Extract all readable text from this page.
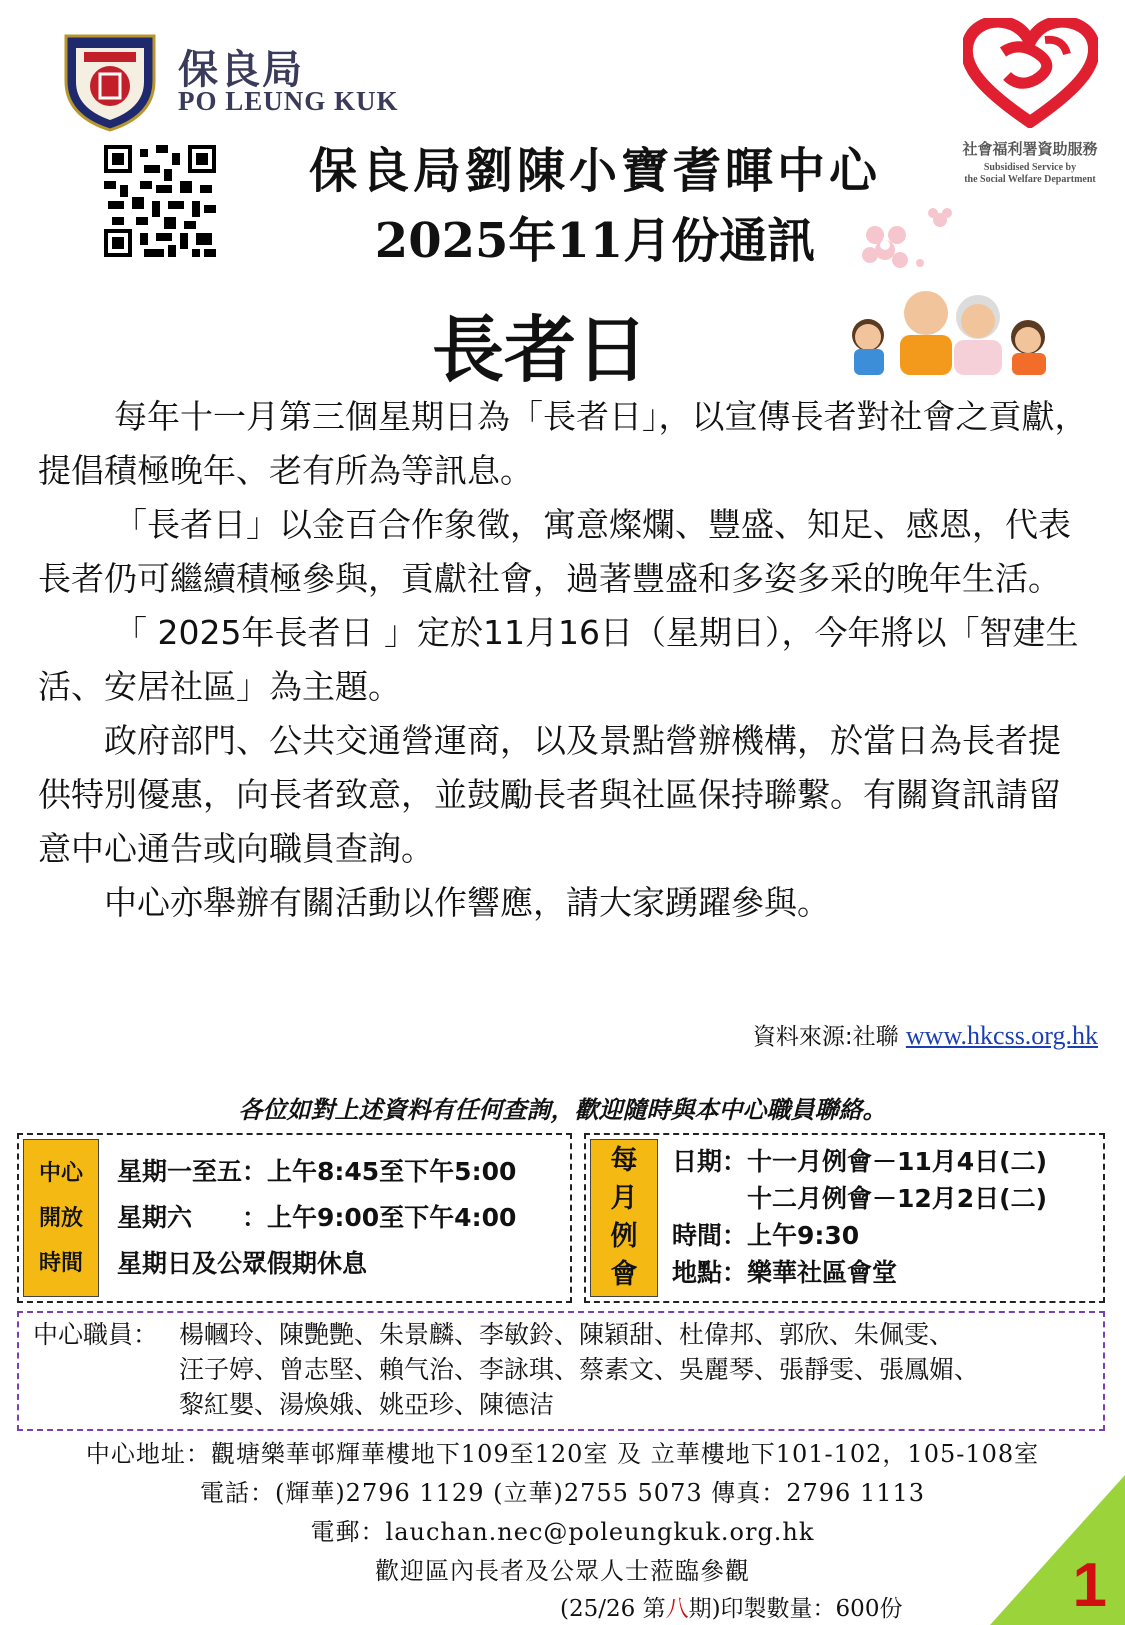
保良局
PO LEUNG KUK
保良局劉陳小寶耆暉中心
2025年11月份通訊
社會福利署資助服務
Subsidised Service by
the Social Welfare Department
長者日

每年十一月第三個星期日為「長者日」，以宣傳長者對社會之貢獻，提倡積極晚年、老有所為等訊息。

「長者日」以金百合作象徵，寓意燦爛、豐盛、知足、感恩，代表長者仍可繼續積極參與，貢獻社會，過著豐盛和多姿多采的晚年生活。

「 2025年長者日 」定於11月16日（星期日），今年將以「智建生活、安居社區」為主題。

政府部門、公共交通營運商，以及景點營辦機構，於當日為長者提供特別優惠，向長者致意，並鼓勵長者與社區保持聯繫。有關資訊請留意中心通告或向職員查詢。

中心亦舉辦有關活動以作響應，請大家踴躍參與。

資料來源:社聯 www.hkcss.org.hk
各位如對上述資料有任何查詢，歡迎隨時與本中心職員聯絡。
中心
開放
時間
星期一至五：上午8:45至下午5:00
星期六　　：上午9:00至下午4:00
星期日及公眾假期休息
每
月
例
會
日期：十一月例會－11月4日(二)
　　　十二月例會－12月2日(二)
時間：上午9:30
地點：樂華社區會堂
中心職員： 楊幗玲、陳艷艷、朱景麟、李敏鈴、陳穎甜、杜偉邦、郭欣、朱佩雯、
汪子婷、曾志堅、賴气治、李詠琪、蔡素文、吳麗琴、張靜雯、張鳳媚、
黎紅嬰、湯煥娥、姚亞珍、陳德洁
中心地址：觀塘樂華邨輝華樓地下109至120室 及 立華樓地下101-102，105-108室
電話：(輝華)2796 1129 (立華)2755 5073 傳真：2796 1113
電郵：lauchan.nec@poleungkuk.org.hk
歡迎區內長者及公眾人士蒞臨參觀
(25/26 第八期)印製數量：600份	1
